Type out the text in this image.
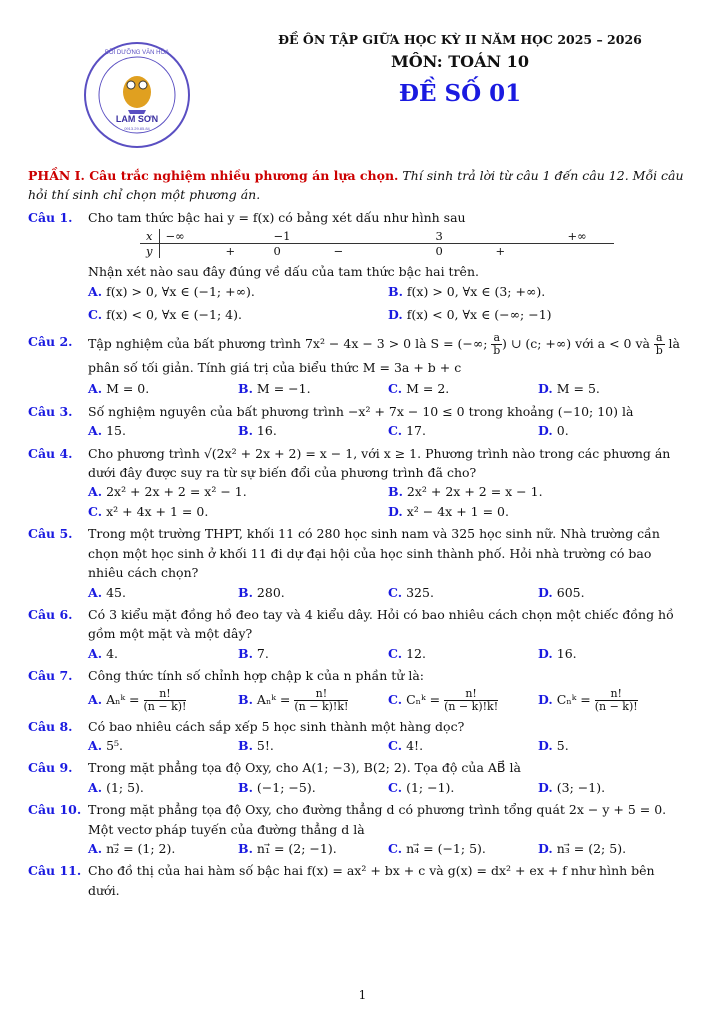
LAM SƠN
0913.29.85.84
BỒI DƯỠNG VĂN HÓA
ĐỀ ÔN TẬP GIỮA HỌC KỲ II NĂM HỌC 2025 – 2026
MÔN: TOÁN 10
ĐỀ SỐ 01
PHẦN I. Câu trắc nghiệm nhiều phương án lựa chọn. Thí sinh trả lời từ câu 1 đến câu 12. Mỗi câu hỏi thí sinh chỉ chọn một phương án.
Câu 1. Cho tam thức bậc hai y = f(x) có bảng xét dấu như hình sau
x	−∞		−1		3		+∞
y		+	0	−	0	+	
Nhận xét nào sau đây đúng về dấu của tam thức bậc hai trên.
A. f(x) > 0, ∀x ∈ (−1; +∞).	B. f(x) > 0, ∀x ∈ (3; +∞).
C. f(x) < 0, ∀x ∈ (−1; 4).	D. f(x) < 0, ∀x ∈ (−∞; −1)
Câu 2. Tập nghiệm của bất phương trình 7x² − 4x − 3 > 0 là S = (−∞; $\frac{a}{b}$ ) ∪ (c; +∞) với a < 0 và $\frac{a}{b}$ là phân số tối giản. Tính giá trị của biểu thức M = 3a + b + c
A. M = 0.	B. M = −1.	C. M = 2.	D. M = 5.
Câu 3. Số nghiệm nguyên của bất phương trình −x² + 7x − 10 ≤ 0 trong khoảng (−10; 10) là
A. 15.	B. 16.	C. 17.	D. 0.
Câu 4. Cho phương trình √(2x² + 2x + 2) = x − 1, với x ≥ 1. Phương trình nào trong các phương án dưới đây được suy ra từ sự biến đổi của phương trình đã cho?
A. 2x² + 2x + 2 = x² − 1.	B. 2x² + 2x + 2 = x − 1.
C. x² + 4x + 1 = 0.	D. x² − 4x + 1 = 0.
Câu 5. Trong một trường THPT, khối 11 có 280 học sinh nam và 325 học sinh nữ. Nhà trường cần chọn một học sinh ở khối 11 đi dự đại hội của học sinh thành phố. Hỏi nhà trường có bao nhiêu cách chọn?
A. 45.	B. 280.	C. 325.	D. 605.
Câu 6. Có 3 kiểu mặt đồng hồ đeo tay và 4 kiểu dây. Hỏi có bao nhiêu cách chọn một chiếc đồng hồ gồm một mặt và một dây?
A. 4.	B. 7.	C. 12.	D. 16.
Câu 7. Công thức tính số chỉnh hợp chập k của n phần tử là:
A. Aₙᵏ = $\frac{n!}{(n - k)!}$	B. Aₙᵏ = $\frac{n!}{(n - k)!k!}$	C. Cₙᵏ = $\frac{n!}{(n - k)!k!}$	D. Cₙᵏ = $\frac{n!}{(n - k)!}$
Câu 8. Có bao nhiêu cách sắp xếp 5 học sinh thành một hàng dọc?
A. 5⁵.	B. 5!.	C. 4!.	D. 5.
Câu 9. Trong mặt phẳng tọa độ Oxy, cho A(1; −3), B(2; 2). Tọa độ của AB⃗ là
A. (1; 5).	B. (−1; −5).	C. (1; −1).	D. (3; −1).
Câu 10. Trong mặt phẳng tọa độ Oxy, cho đường thẳng d có phương trình tổng quát 2x − y + 5 = 0. Một vectơ pháp tuyến của đường thẳng d là
A. n₂⃗ = (1; 2).	B. n₁⃗ = (2; −1).	C. n₄⃗ = (−1; 5).	D. n₃⃗ = (2; 5).
Câu 11. Cho đồ thị của hai hàm số bậc hai f(x) = ax² + bx + c và g(x) = dx² + ex + f như hình bên dưới.
1
